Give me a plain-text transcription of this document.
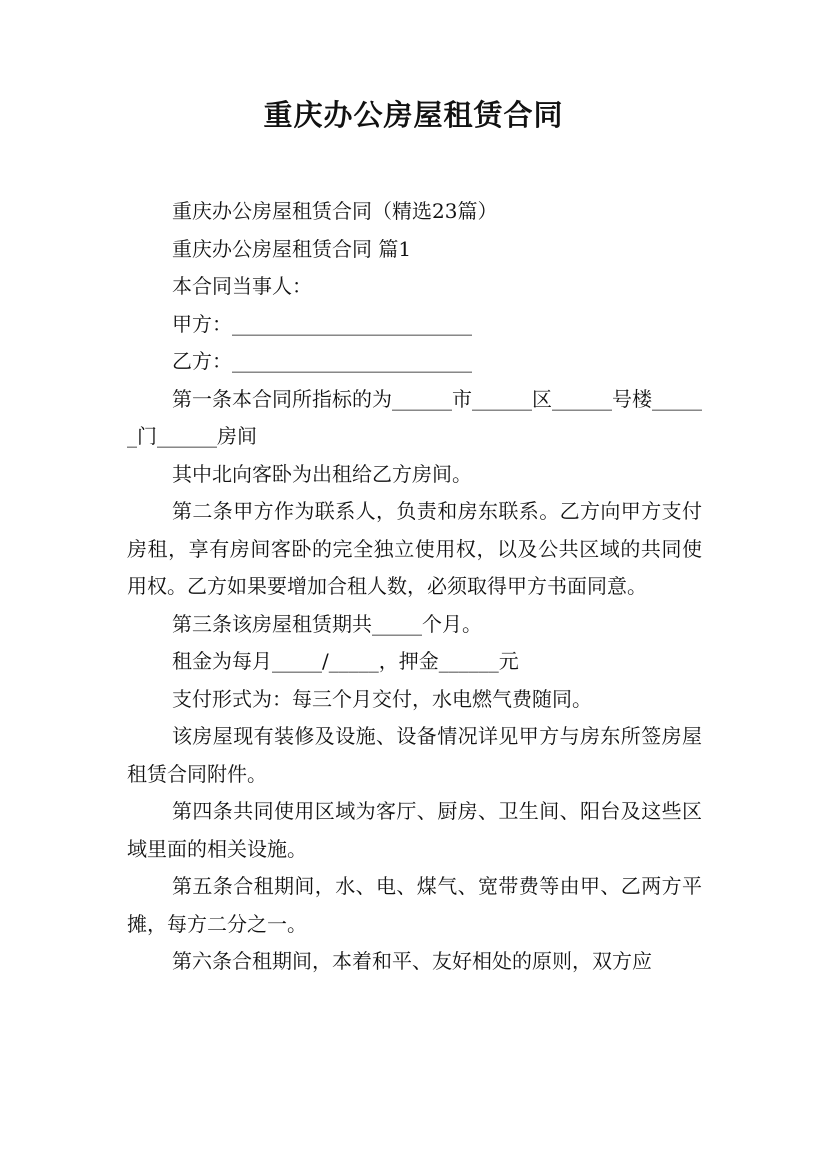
重庆办公房屋租赁合同

重庆办公房屋租赁合同（精选23篇）

重庆办公房屋租赁合同 篇1

本合同当事人：

甲方：________________________

乙方：________________________

第一条本合同所指标的为______市______区______号楼______门______房间

其中北向客卧为出租给乙方房间。

第二条甲方作为联系人，负责和房东联系。乙方向甲方支付房租，享有房间客卧的完全独立使用权，以及公共区域的共同使用权。乙方如果要增加合租人数，必须取得甲方书面同意。

第三条该房屋租赁期共_____个月。

租金为每月_____/_____，押金______元

支付形式为：每三个月交付，水电燃气费随同。

该房屋现有装修及设施、设备情况详见甲方与房东所签房屋租赁合同附件。

第四条共同使用区域为客厅、厨房、卫生间、阳台及这些区域里面的相关设施。

第五条合租期间，水、电、煤气、宽带费等由甲、乙两方平摊，每方二分之一。

第六条合租期间，本着和平、友好相处的原则，双方应
